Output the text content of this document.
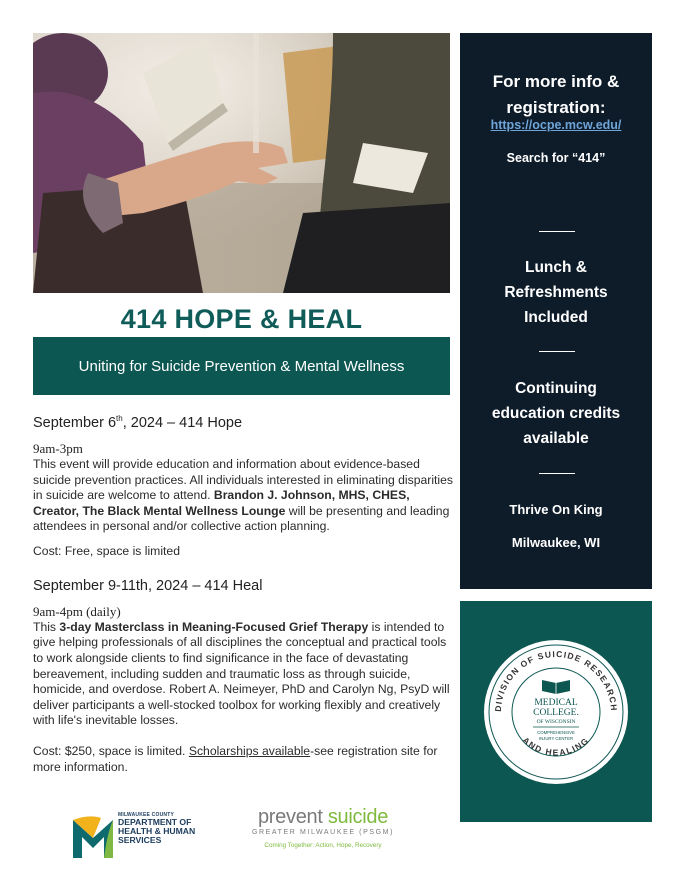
414 HOPE & HEAL
Uniting for Suicide Prevention & Mental Wellness

September 6th, 2024 – 414 Hope

9am-3pm

This event will provide education and information about evidence-based suicide prevention practices. All individuals interested in eliminating disparities in suicide are welcome to attend. Brandon J. Johnson, MHS, CHES, Creator, The Black Mental Wellness Lounge will be presenting and leading attendees in personal and/or collective action planning.

Cost: Free, space is limited

September 9-11th, 2024 – 414 Heal

9am-4pm (daily)

This 3-day Masterclass in Meaning-Focused Grief Therapy is intended to give helping professionals of all disciplines the conceptual and practical tools to work alongside clients to find significance in the face of devastating bereavement, including sudden and traumatic loss as through suicide, homicide, and overdose. Robert A. Neimeyer, PhD and Carolyn Ng, PsyD will deliver participants a well-stocked toolbox for working flexibly and creatively with life's inevitable losses.

Cost: $250, space is limited. Scholarships available-see registration site for more information.

For more info &
registration:
https://ocpe.mcw.edu/
Search for “414”
Lunch &
Refreshments
Included
Continuing
education credits
available
Thrive On King
Milwaukee, WI
DIVISION OF SUICIDE RESEARCH
AND HEALING
MEDICAL
COLLEGE.
OF WISCONSIN
COMPREHENSIVE
INJURY CENTER
MILWAUKEE COUNTY
DEPARTMENT OF
HEALTH & HUMAN
SERVICES
prevent suicide
GREATER MILWAUKEE (PSGM)
Coming Together: Action, Hope, Recovery
